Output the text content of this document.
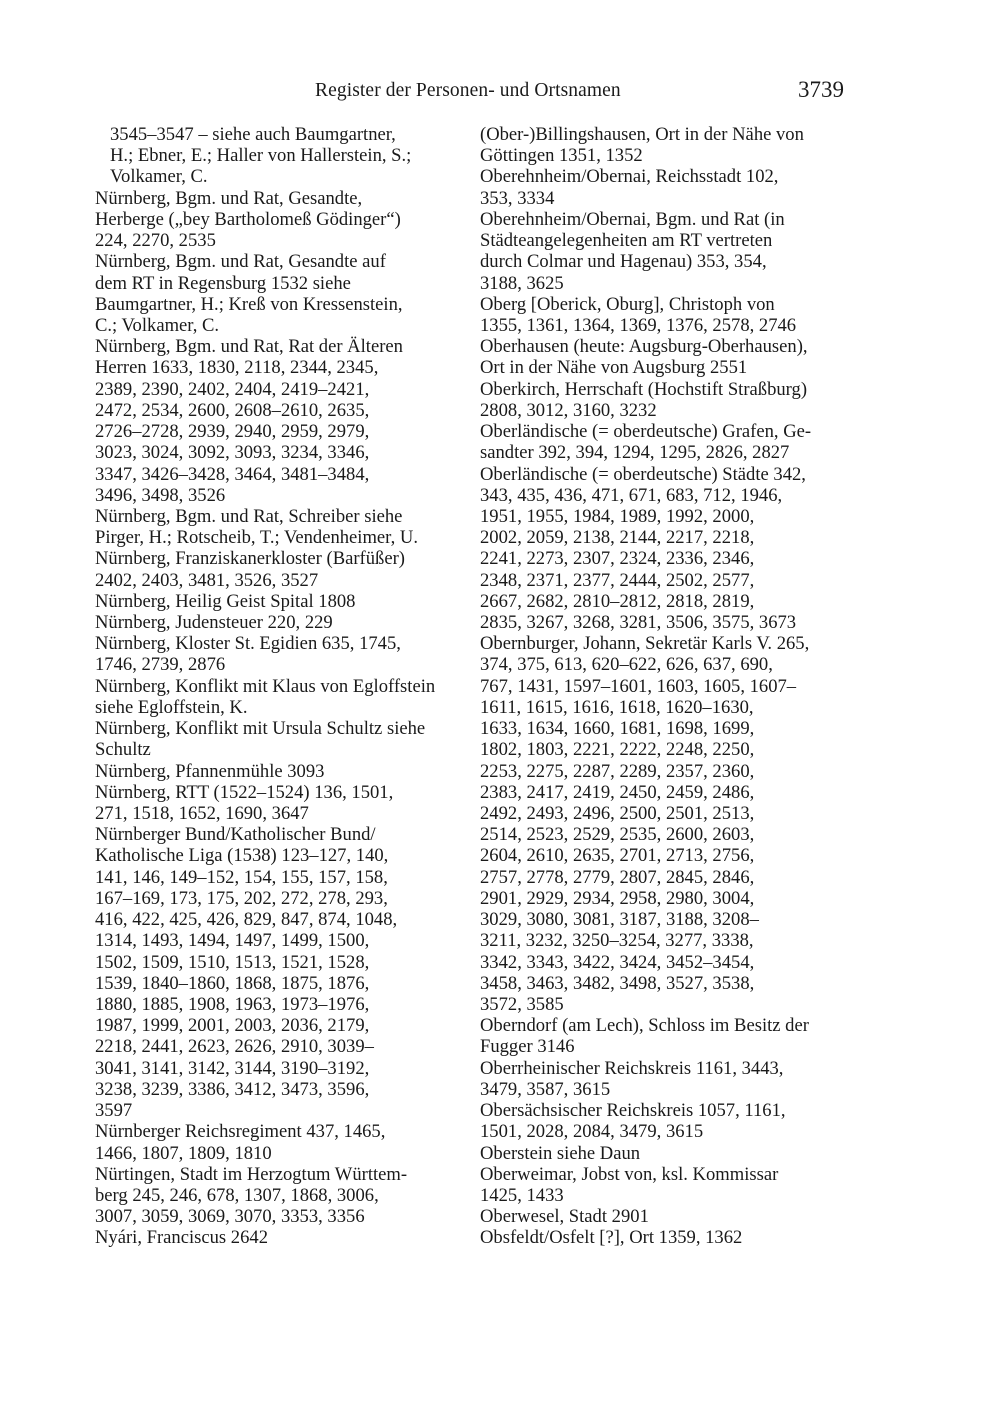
Register der Personen- und Ortsnamen	3739

3545–3547 – siehe auch Baumgartner,
H.; Ebner, E.; Haller von Hallerstein, S.;
Volkamer, C.

Nürnberg, Bgm. und Rat, Gesandte,
Herberge („bey Bartholomeß Gödinger“)
224, 2270, 2535

Nürnberg, Bgm. und Rat, Gesandte auf
dem RT in Regensburg 1532 siehe
Baumgartner, H.; Kreß von Kressenstein,
C.; Volkamer, C.

Nürnberg, Bgm. und Rat, Rat der Älteren
Herren 1633, 1830, 2118, 2344, 2345,
2389, 2390, 2402, 2404, 2419–2421,
2472, 2534, 2600, 2608–2610, 2635,
2726–2728, 2939, 2940, 2959, 2979,
3023, 3024, 3092, 3093, 3234, 3346,
3347, 3426–3428, 3464, 3481–3484,
3496, 3498, 3526

Nürnberg, Bgm. und Rat, Schreiber siehe
Pirger, H.; Rotscheib, T.; Vendenheimer, U.

Nürnberg, Franziskanerkloster (Barfüßer)
2402, 2403, 3481, 3526, 3527

Nürnberg, Heilig Geist Spital 1808

Nürnberg, Judensteuer 220, 229

Nürnberg, Kloster St. Egidien 635, 1745,
1746, 2739, 2876

Nürnberg, Konflikt mit Klaus von Egloffstein
siehe Egloffstein, K.

Nürnberg, Konflikt mit Ursula Schultz siehe
Schultz

Nürnberg, Pfannenmühle 3093

Nürnberg, RTT (1522–1524) 136, 1501,
271, 1518, 1652, 1690, 3647

Nürnberger Bund/Katholischer Bund/
Katholische Liga (1538) 123–127, 140,
141, 146, 149–152, 154, 155, 157, 158,
167–169, 173, 175, 202, 272, 278, 293,
416, 422, 425, 426, 829, 847, 874, 1048,
1314, 1493, 1494, 1497, 1499, 1500,
1502, 1509, 1510, 1513, 1521, 1528,
1539, 1840–1860, 1868, 1875, 1876,
1880, 1885, 1908, 1963, 1973–1976,
1987, 1999, 2001, 2003, 2036, 2179,
2218, 2441, 2623, 2626, 2910, 3039–
3041, 3141, 3142, 3144, 3190–3192,
3238, 3239, 3386, 3412, 3473, 3596,
3597

Nürnberger Reichsregiment 437, 1465,
1466, 1807, 1809, 1810

Nürtingen, Stadt im Herzogtum Württem-
berg 245, 246, 678, 1307, 1868, 3006,
3007, 3059, 3069, 3070, 3353, 3356

Nyári, Franciscus 2642

(Ober-)Billingshausen, Ort in der Nähe von
Göttingen 1351, 1352

Oberehnheim/Obernai, Reichsstadt 102,
353, 3334

Oberehnheim/Obernai, Bgm. und Rat (in
Städteangelegenheiten am RT vertreten
durch Colmar und Hagenau) 353, 354,
3188, 3625

Oberg [Oberick, Oburg], Christoph von
1355, 1361, 1364, 1369, 1376, 2578, 2746

Oberhausen (heute: Augsburg-Oberhausen),
Ort in der Nähe von Augsburg 2551

Oberkirch, Herrschaft (Hochstift Straßburg)
2808, 3012, 3160, 3232

Oberländische (= oberdeutsche) Grafen, Ge-
sandter 392, 394, 1294, 1295, 2826, 2827

Oberländische (= oberdeutsche) Städte 342,
343, 435, 436, 471, 671, 683, 712, 1946,
1951, 1955, 1984, 1989, 1992, 2000,
2002, 2059, 2138, 2144, 2217, 2218,
2241, 2273, 2307, 2324, 2336, 2346,
2348, 2371, 2377, 2444, 2502, 2577,
2667, 2682, 2810–2812, 2818, 2819,
2835, 3267, 3268, 3281, 3506, 3575, 3673

Obernburger, Johann, Sekretär Karls V. 265,
374, 375, 613, 620–622, 626, 637, 690,
767, 1431, 1597–1601, 1603, 1605, 1607–
1611, 1615, 1616, 1618, 1620–1630,
1633, 1634, 1660, 1681, 1698, 1699,
1802, 1803, 2221, 2222, 2248, 2250,
2253, 2275, 2287, 2289, 2357, 2360,
2383, 2417, 2419, 2450, 2459, 2486,
2492, 2493, 2496, 2500, 2501, 2513,
2514, 2523, 2529, 2535, 2600, 2603,
2604, 2610, 2635, 2701, 2713, 2756,
2757, 2778, 2779, 2807, 2845, 2846,
2901, 2929, 2934, 2958, 2980, 3004,
3029, 3080, 3081, 3187, 3188, 3208–
3211, 3232, 3250–3254, 3277, 3338,
3342, 3343, 3422, 3424, 3452–3454,
3458, 3463, 3482, 3498, 3527, 3538,
3572, 3585

Oberndorf (am Lech), Schloss im Besitz der
Fugger 3146

Oberrheinischer Reichskreis 1161, 3443,
3479, 3587, 3615

Obersächsischer Reichskreis 1057, 1161,
1501, 2028, 2084, 3479, 3615

Oberstein siehe Daun

Oberweimar, Jobst von, ksl. Kommissar
1425, 1433

Oberwesel, Stadt 2901

Obsfeldt/Osfelt [?], Ort 1359, 1362
